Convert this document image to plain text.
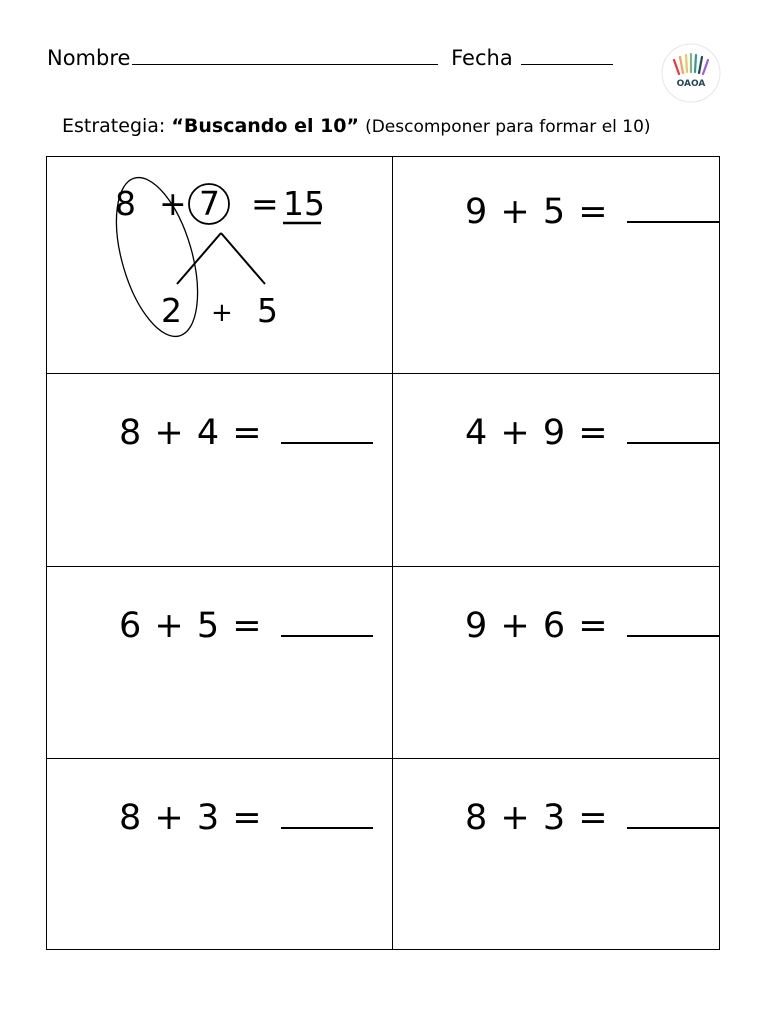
Nombre	Fecha
OAOA
Estrategia: “Buscando el 10” (Descomponer para formar el 10)
8 + 7 = 15
2 + 5
9 + 5 =
8 + 4 =	4 + 9 =
6 + 5 =	9 + 6 =
8 + 3 =	8 + 3 =
